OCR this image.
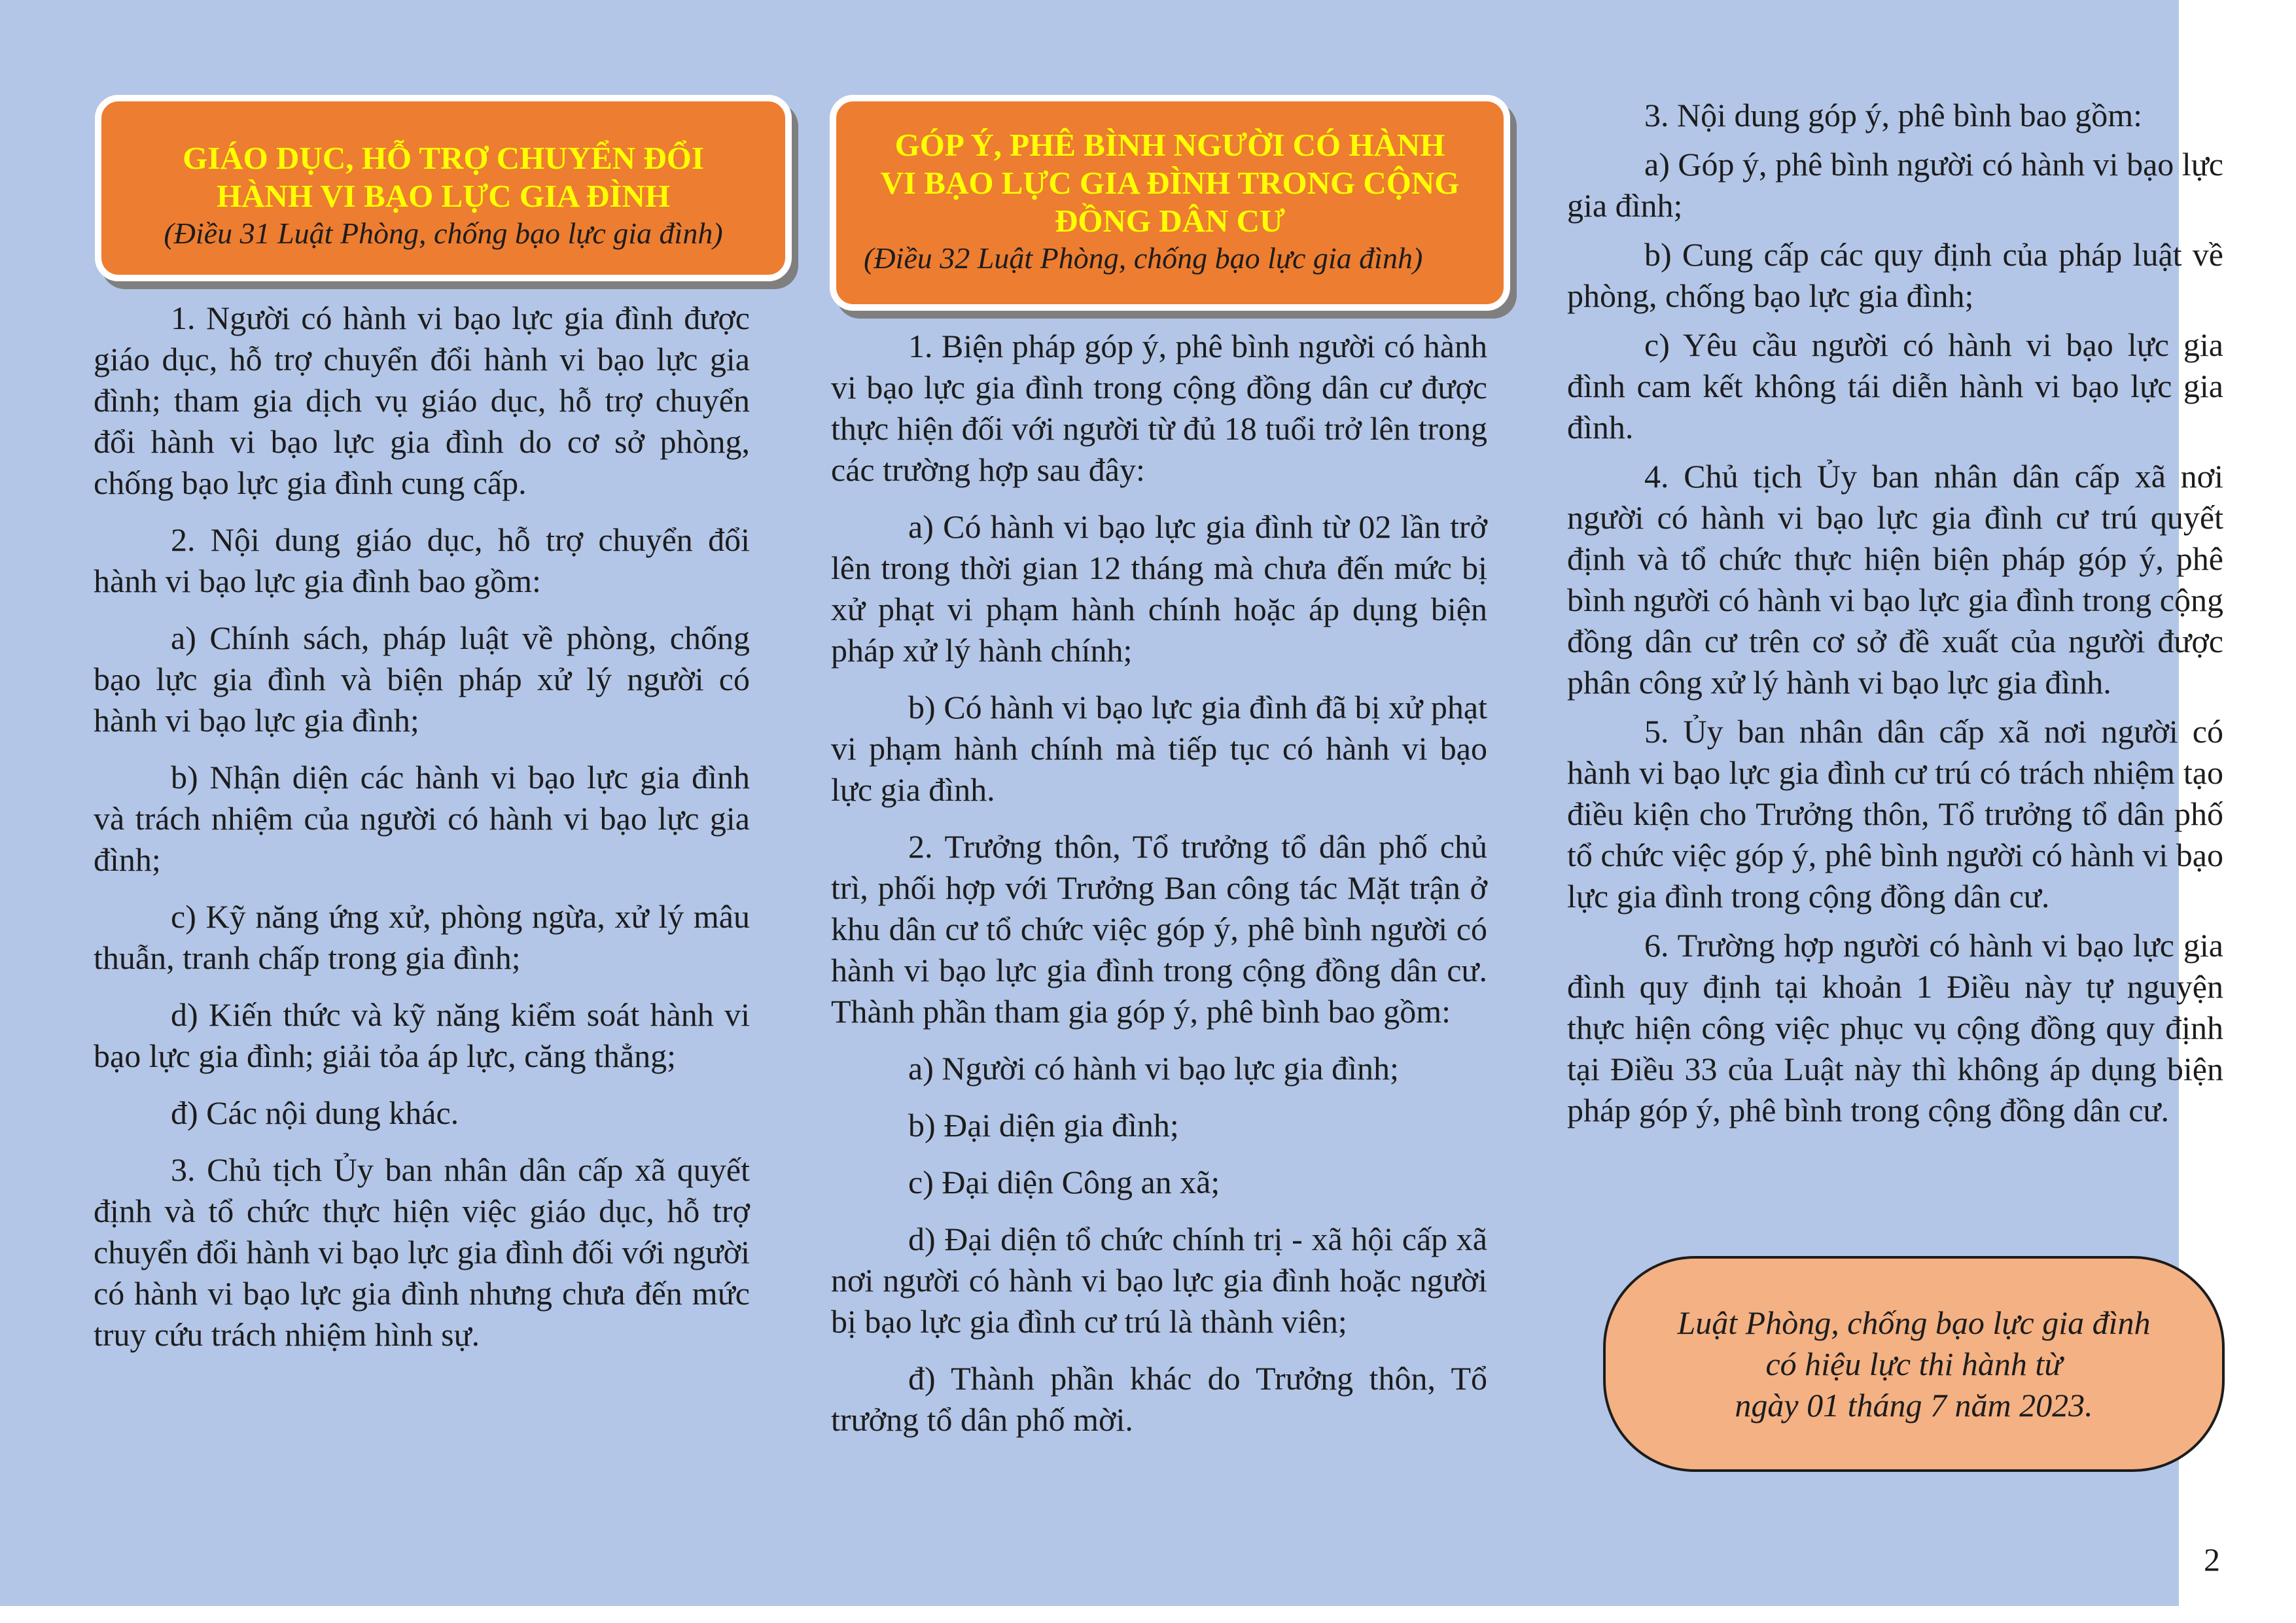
GIÁO DỤC, HỖ TRỢ CHUYỂN ĐỔI
HÀNH VI BẠO LỰC GIA ĐÌNH
(Điều 31 Luật Phòng, chống bạo lực gia đình)
GÓP Ý, PHÊ BÌNH NGƯỜI CÓ HÀNH
VI BẠO LỰC GIA ĐÌNH TRONG CỘNG
ĐỒNG DÂN CƯ
(Điều 32 Luật Phòng, chống bạo lực gia đình)

1. Người có hành vi bạo lực gia đình được giáo dục, hỗ trợ chuyển đổi hành vi bạo lực gia đình; tham gia dịch vụ giáo dục, hỗ trợ chuyển đổi hành vi bạo lực gia đình do cơ sở phòng, chống bạo lực gia đình cung cấp.

2. Nội dung giáo dục, hỗ trợ chuyển đổi hành vi bạo lực gia đình bao gồm:

a) Chính sách, pháp luật về phòng, chống bạo lực gia đình và biện pháp xử lý người có hành vi bạo lực gia đình;

b) Nhận diện các hành vi bạo lực gia đình và trách nhiệm của người có hành vi bạo lực gia đình;

c) Kỹ năng ứng xử, phòng ngừa, xử lý mâu thuẫn, tranh chấp trong gia đình;

d) Kiến thức và kỹ năng kiểm soát hành vi bạo lực gia đình; giải tỏa áp lực, căng thẳng;

đ) Các nội dung khác.

3. Chủ tịch Ủy ban nhân dân cấp xã quyết định và tổ chức thực hiện việc giáo dục, hỗ trợ chuyển đổi hành vi bạo lực gia đình đối với người có hành vi bạo lực gia đình nhưng chưa đến mức truy cứu trách nhiệm hình sự.

1. Biện pháp góp ý, phê bình người có hành vi bạo lực gia đình trong cộng đồng dân cư được thực hiện đối với người từ đủ 18 tuổi trở lên trong các trường hợp sau đây:

a) Có hành vi bạo lực gia đình từ 02 lần trở lên trong thời gian 12 tháng mà chưa đến mức bị xử phạt vi phạm hành chính hoặc áp dụng biện pháp xử lý hành chính;

b) Có hành vi bạo lực gia đình đã bị xử phạt vi phạm hành chính mà tiếp tục có hành vi bạo lực gia đình.

2. Trưởng thôn, Tổ trưởng tổ dân phố chủ trì, phối hợp với Trưởng Ban công tác Mặt trận ở khu dân cư tổ chức việc góp ý, phê bình người có hành vi bạo lực gia đình trong cộng đồng dân cư. Thành phần tham gia góp ý, phê bình bao gồm:

a) Người có hành vi bạo lực gia đình;

b) Đại diện gia đình;

c) Đại diện Công an xã;

d) Đại diện tổ chức chính trị - xã hội cấp xã nơi người có hành vi bạo lực gia đình hoặc người bị bạo lực gia đình cư trú là thành viên;

đ) Thành phần khác do Trưởng thôn, Tổ trưởng tổ dân phố mời.

3. Nội dung góp ý, phê bình bao gồm:

a) Góp ý, phê bình người có hành vi bạo lực gia đình;

b) Cung cấp các quy định của pháp luật về phòng, chống bạo lực gia đình;

c) Yêu cầu người có hành vi bạo lực gia đình cam kết không tái diễn hành vi bạo lực gia đình.

4. Chủ tịch Ủy ban nhân dân cấp xã nơi người có hành vi bạo lực gia đình cư trú quyết định và tổ chức thực hiện biện pháp góp ý, phê bình người có hành vi bạo lực gia đình trong cộng đồng dân cư trên cơ sở đề xuất của người được phân công xử lý hành vi bạo lực gia đình.

5. Ủy ban nhân dân cấp xã nơi người có hành vi bạo lực gia đình cư trú có trách nhiệm tạo điều kiện cho Trưởng thôn, Tổ trưởng tổ dân phố tổ chức việc góp ý, phê bình người có hành vi bạo lực gia đình trong cộng đồng dân cư.

6. Trường hợp người có hành vi bạo lực gia đình quy định tại khoản 1 Điều này tự nguyện thực hiện công việc phục vụ cộng đồng quy định tại Điều 33 của Luật này thì không áp dụng biện pháp góp ý, phê bình trong cộng đồng dân cư.

Luật Phòng, chống bạo lực gia đình
có hiệu lực thi hành từ
ngày 01 tháng 7 năm 2023.
2
